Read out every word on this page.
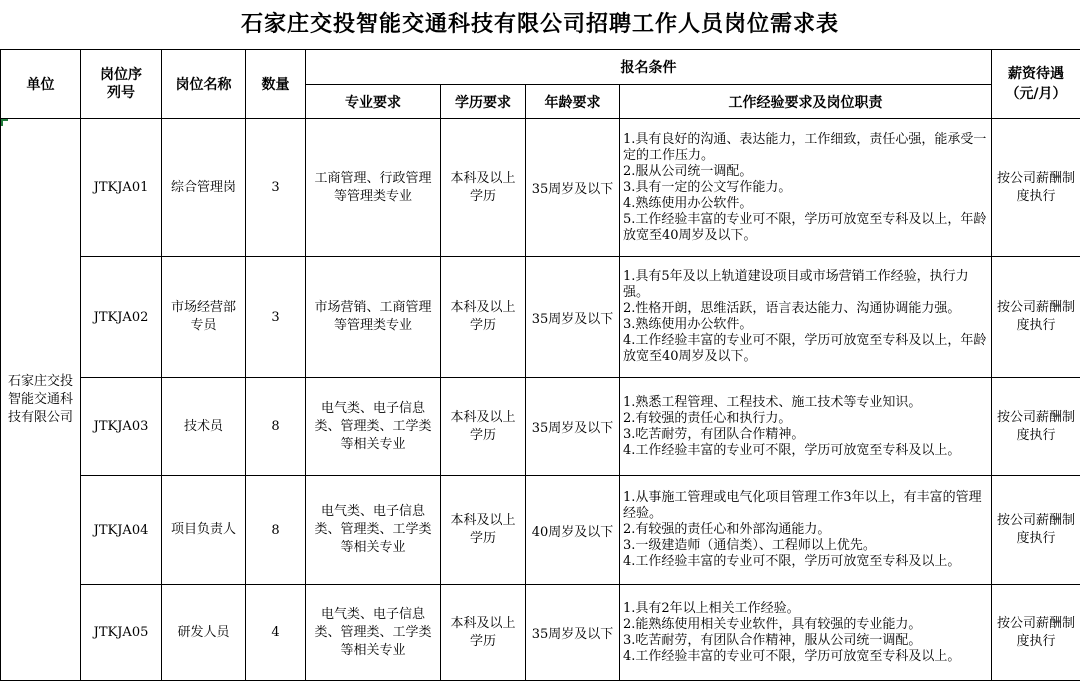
石家庄交投智能交通科技有限公司招聘工作人员岗位需求表
单位	岗位序列号	岗位名称	数量	报名条件				薪资待遇（元/月）
				专业要求	学历要求	年龄要求	工作经验要求及岗位职责	
石家庄交投智能交通科技有限公司	JTKJA01	综合管理岗	3	工商管理、行政管理等管理类专业	本科及以上学历	35周岁及以下	1.具有良好的沟通、表达能力，工作细致，责任心强，能承受一定的工作压力。
2.服从公司统一调配。
3.具有一定的公文写作能力。
4.熟练使用办公软件。
5.工作经验丰富的专业可不限，学历可放宽至专科及以上，年龄放宽至40周岁及以下。	按公司薪酬制度执行
	JTKJA02	市场经营部专员	3	市场营销、工商管理等管理类专业	本科及以上学历	35周岁及以下	1.具有5年及以上轨道建设项目或市场营销工作经验，执行力强。
2.性格开朗，思维活跃，语言表达能力、沟通协调能力强。
3.熟练使用办公软件。
4.工作经验丰富的专业可不限，学历可放宽至专科及以上，年龄放宽至40周岁及以下。	按公司薪酬制度执行
	JTKJA03	技术员	8	电气类、电子信息类、管理类、工学类等相关专业	本科及以上学历	35周岁及以下	1.熟悉工程管理、工程技术、施工技术等专业知识。
2.有较强的责任心和执行力。
3.吃苦耐劳，有团队合作精神。
4.工作经验丰富的专业可不限，学历可放宽至专科及以上。	按公司薪酬制度执行
	JTKJA04	项目负责人	8	电气类、电子信息类、管理类、工学类等相关专业	本科及以上学历	40周岁及以下	1.从事施工管理或电气化项目管理工作3年以上，有丰富的管理经验。
2.有较强的责任心和外部沟通能力。
3.一级建造师（通信类）、工程师以上优先。
4.工作经验丰富的专业可不限，学历可放宽至专科及以上。	按公司薪酬制度执行
	JTKJA05	研发人员	4	电气类、电子信息类、管理类、工学类等相关专业	本科及以上学历	35周岁及以下	1.具有2年以上相关工作经验。
2.能熟练使用相关专业软件，具有较强的专业能力。
3.吃苦耐劳，有团队合作精神，服从公司统一调配。
4.工作经验丰富的专业可不限，学历可放宽至专科及以上。	按公司薪酬制度执行
